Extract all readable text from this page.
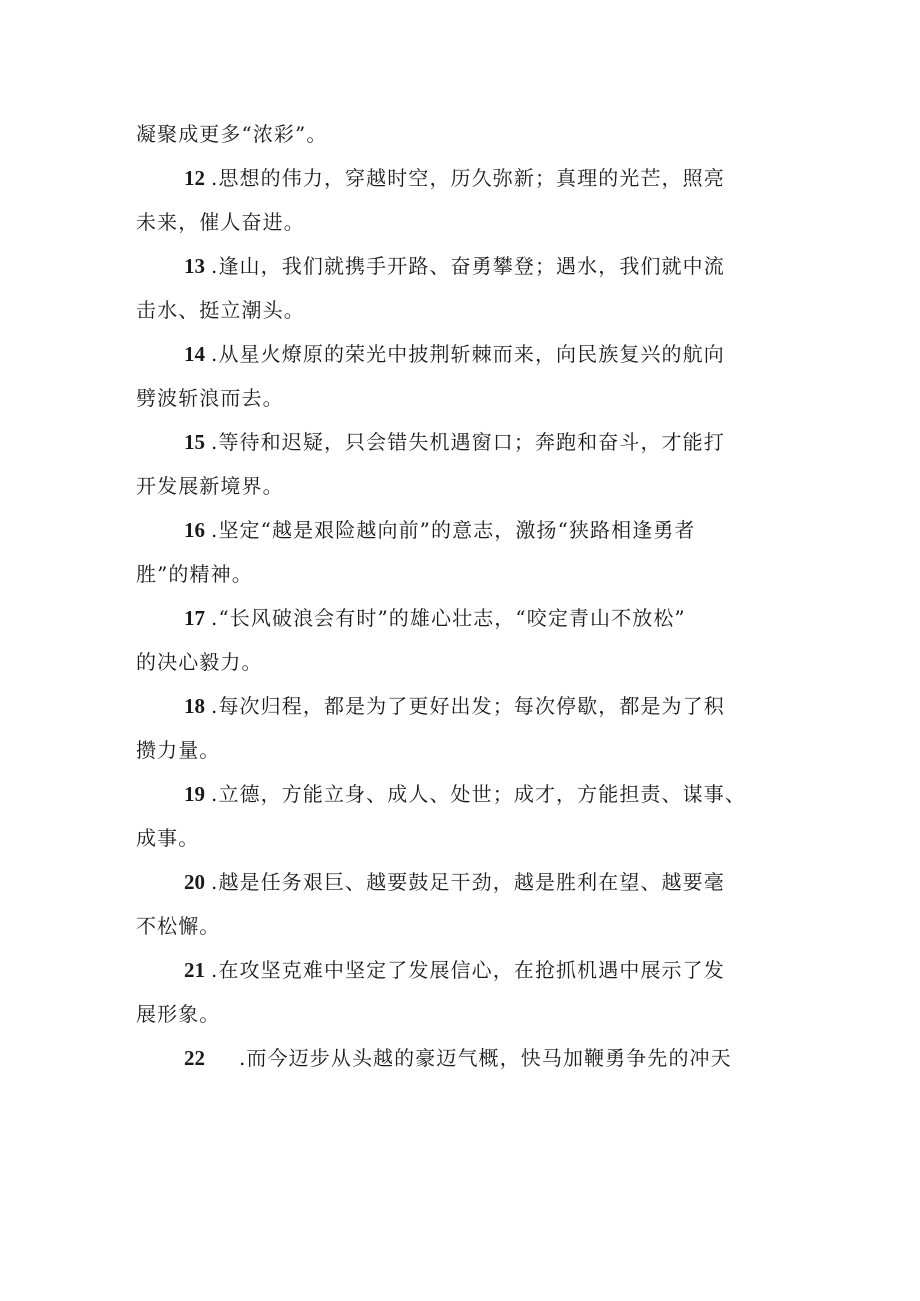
凝聚成更多“浓彩”。
12 .思想的伟力，穿越时空，历久弥新；真理的光芒，照亮
未来，催人奋进。
13 .逢山，我们就携手开路、奋勇攀登；遇水，我们就中流
击水、挺立潮头。
14 .从星火燎原的荣光中披荆斩棘而来，向民族复兴的航向
劈波斩浪而去。
15 .等待和迟疑，只会错失机遇窗口；奔跑和奋斗，才能打
开发展新境界。
16 .坚定“越是艰险越向前”的意志，激扬“狭路相逢勇者
胜”的精神。
17 .“长风破浪会有时”的雄心壮志，“咬定青山不放松”
的决心毅力。
18 .每次归程，都是为了更好出发；每次停歇，都是为了积
攒力量。
19 .立德，方能立身、成人、处世；成才，方能担责、谋事、
成事。
20 .越是任务艰巨、越要鼓足干劲，越是胜利在望、越要毫
不松懈。
21 .在攻坚克难中坚定了发展信心，在抢抓机遇中展示了发
展形象。
22 .而今迈步从头越的豪迈气概，快马加鞭勇争先的冲天
